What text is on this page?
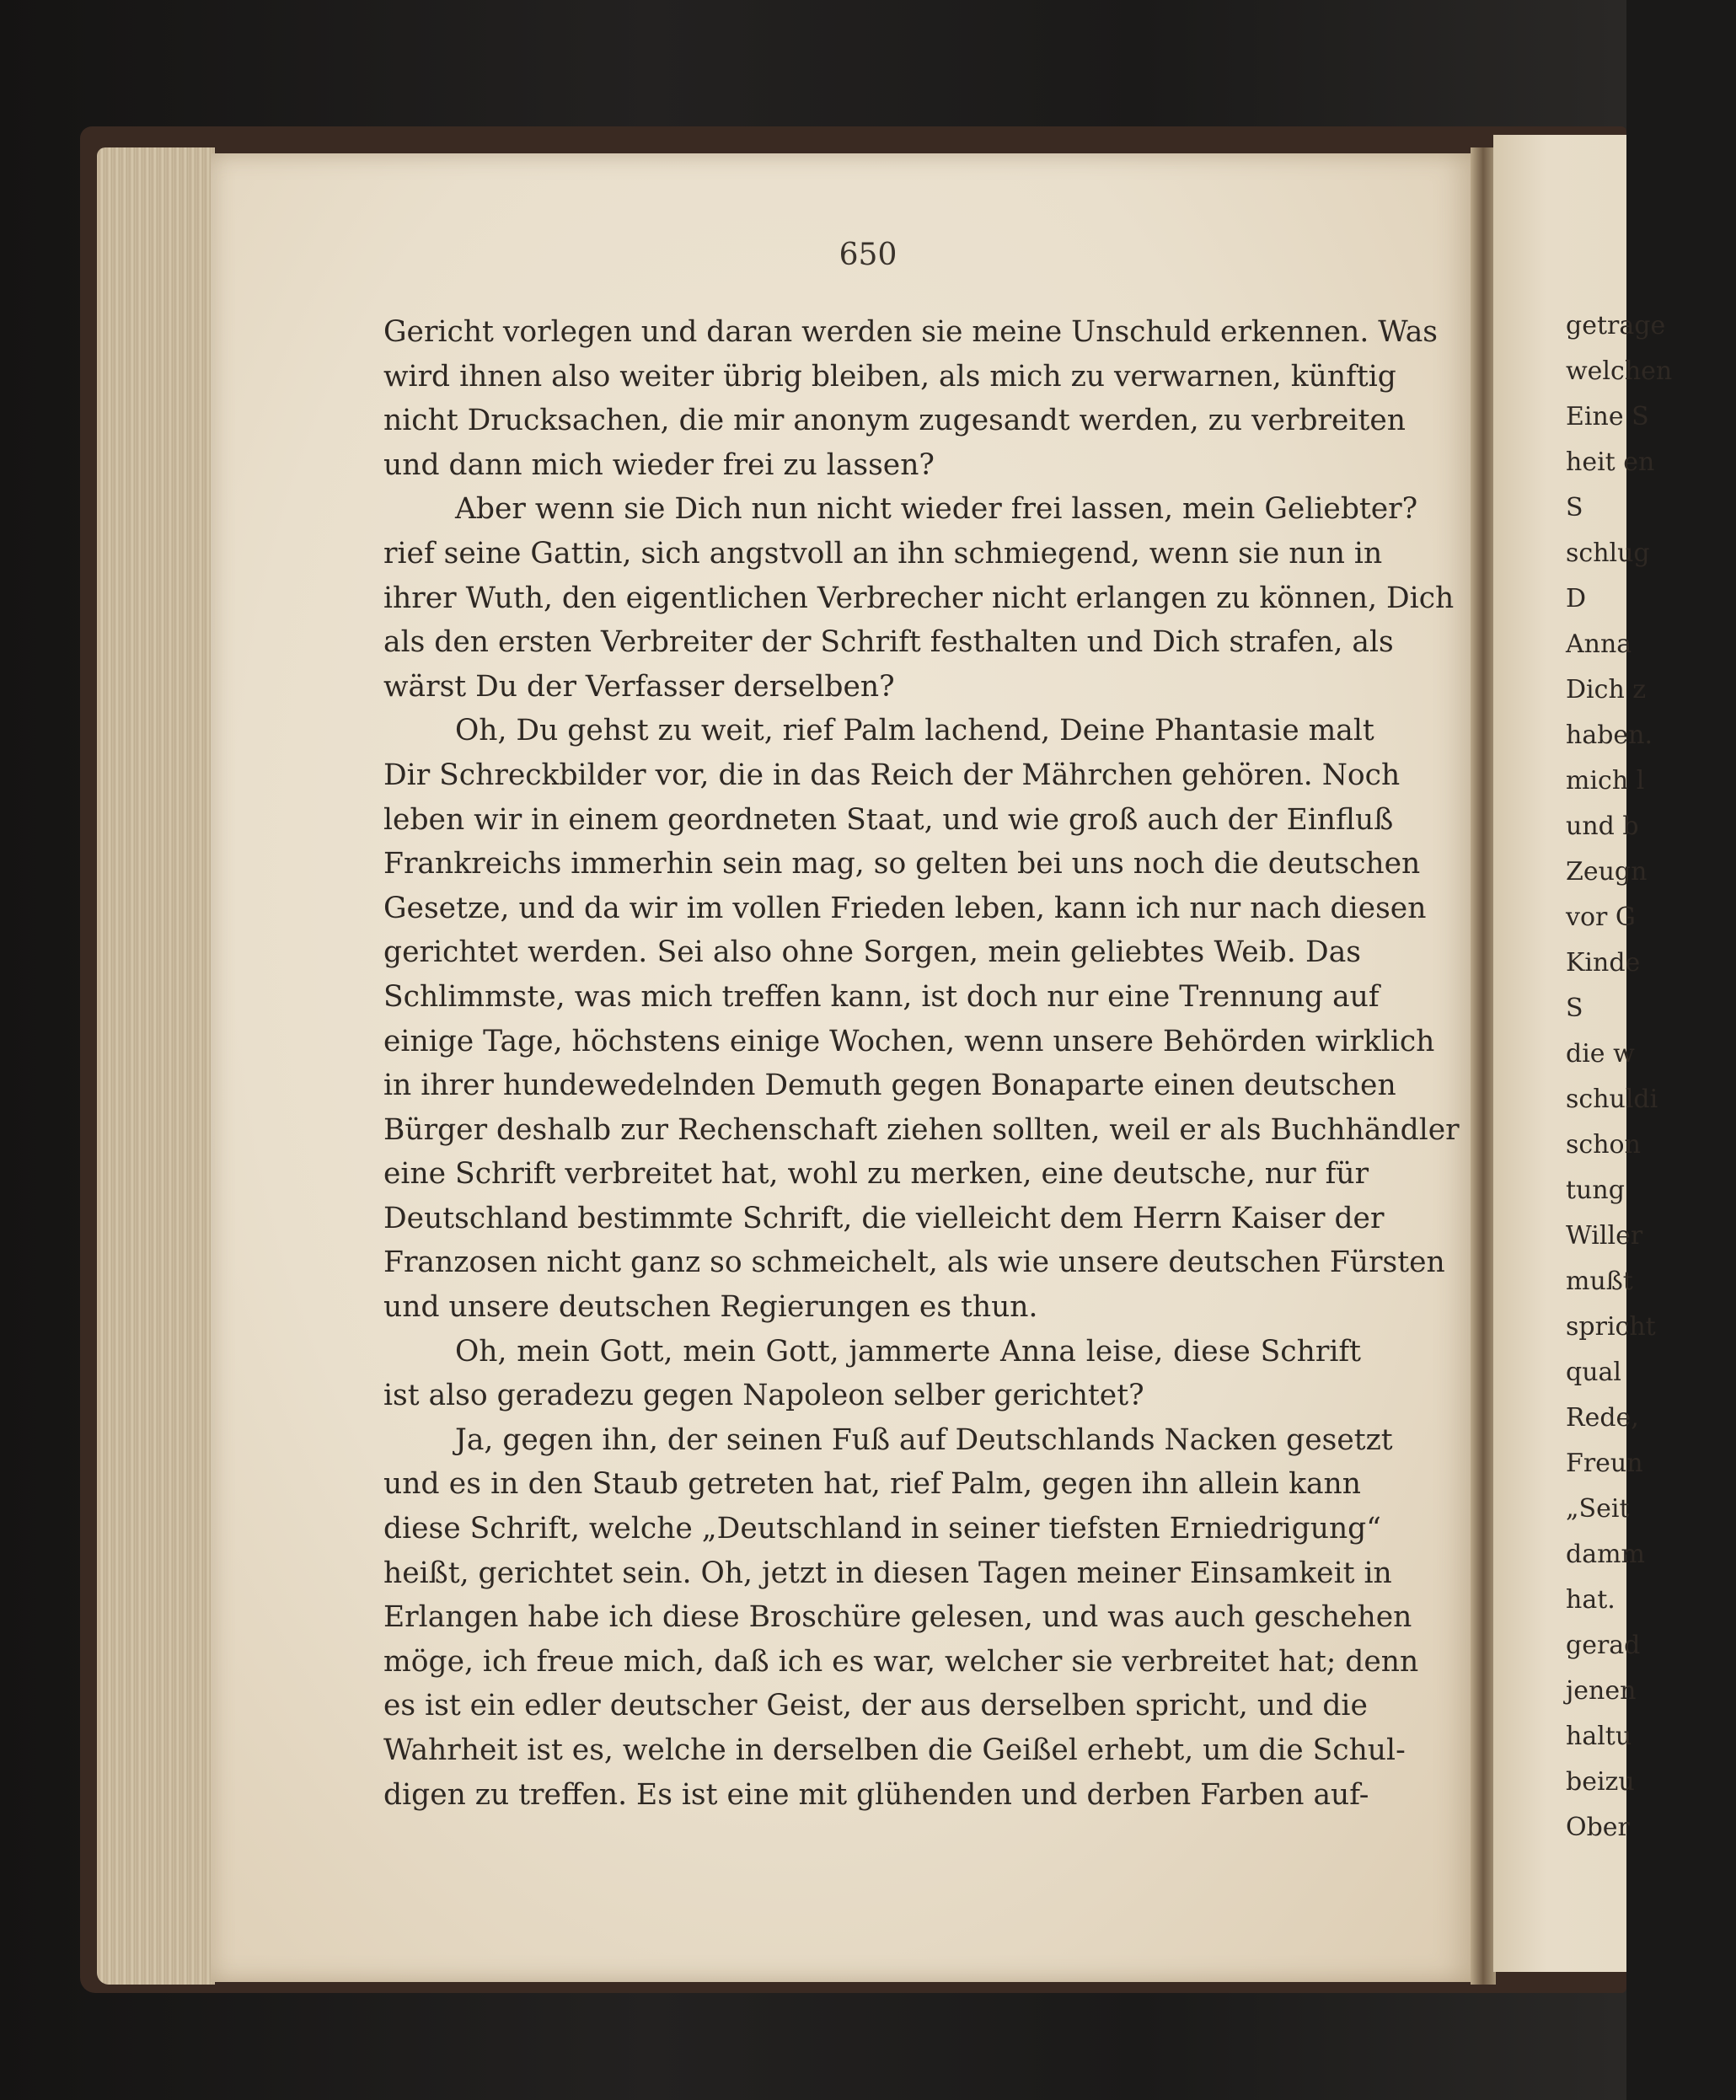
650
Gericht vorlegen und daran werden sie meine Unschuld erkennen. Was
wird ihnen also weiter übrig bleiben, als mich zu verwarnen, künftig
nicht Drucksachen, die mir anonym zugesandt werden, zu verbreiten
und dann mich wieder frei zu lassen?
Aber wenn sie Dich nun nicht wieder frei lassen, mein Geliebter?
rief seine Gattin, sich angstvoll an ihn schmiegend, wenn sie nun in
ihrer Wuth, den eigentlichen Verbrecher nicht erlangen zu können, Dich
als den ersten Verbreiter der Schrift festhalten und Dich strafen, als
wärst Du der Verfasser derselben?
Oh, Du gehst zu weit, rief Palm lachend, Deine Phantasie malt
Dir Schreckbilder vor, die in das Reich der Mährchen gehören. Noch
leben wir in einem geordneten Staat, und wie groß auch der Einfluß
Frankreichs immerhin sein mag, so gelten bei uns noch die deutschen
Gesetze, und da wir im vollen Frieden leben, kann ich nur nach diesen
gerichtet werden. Sei also ohne Sorgen, mein geliebtes Weib. Das
Schlimmste, was mich treffen kann, ist doch nur eine Trennung auf
einige Tage, höchstens einige Wochen, wenn unsere Behörden wirklich
in ihrer hundewedelnden Demuth gegen Bonaparte einen deutschen
Bürger deshalb zur Rechenschaft ziehen sollten, weil er als Buchhändler
eine Schrift verbreitet hat, wohl zu merken, eine deutsche, nur für
Deutschland bestimmte Schrift, die vielleicht dem Herrn Kaiser der
Franzosen nicht ganz so schmeichelt, als wie unsere deutschen Fürsten
und unsere deutschen Regierungen es thun.
Oh, mein Gott, mein Gott, jammerte Anna leise, diese Schrift
ist also geradezu gegen Napoleon selber gerichtet?
Ja, gegen ihn, der seinen Fuß auf Deutschlands Nacken gesetzt
und es in den Staub getreten hat, rief Palm, gegen ihn allein kann
diese Schrift, welche „Deutschland in seiner tiefsten Erniedrigung“
heißt, gerichtet sein. Oh, jetzt in diesen Tagen meiner Einsamkeit in
Erlangen habe ich diese Broschüre gelesen, und was auch geschehen
möge, ich freue mich, daß ich es war, welcher sie verbreitet hat; denn
es ist ein edler deutscher Geist, der aus derselben spricht, und die
Wahrheit ist es, welche in derselben die Geißel erhebt, um die Schul-
digen zu treffen. Es ist eine mit glühenden und derben Farben auf-
getrage
welchen
Eine S
heit en
S
schlug
D
Anna
Dich z
haben.
mich l
und b
Zeugn
vor G
Kinde
S
die w
schuldi
schon
tung
Willer
mußt
spricht
qual
Rede,
Freun
„Seit
damm
hat.
gerad
jenen
haltu
beizu
Ober
